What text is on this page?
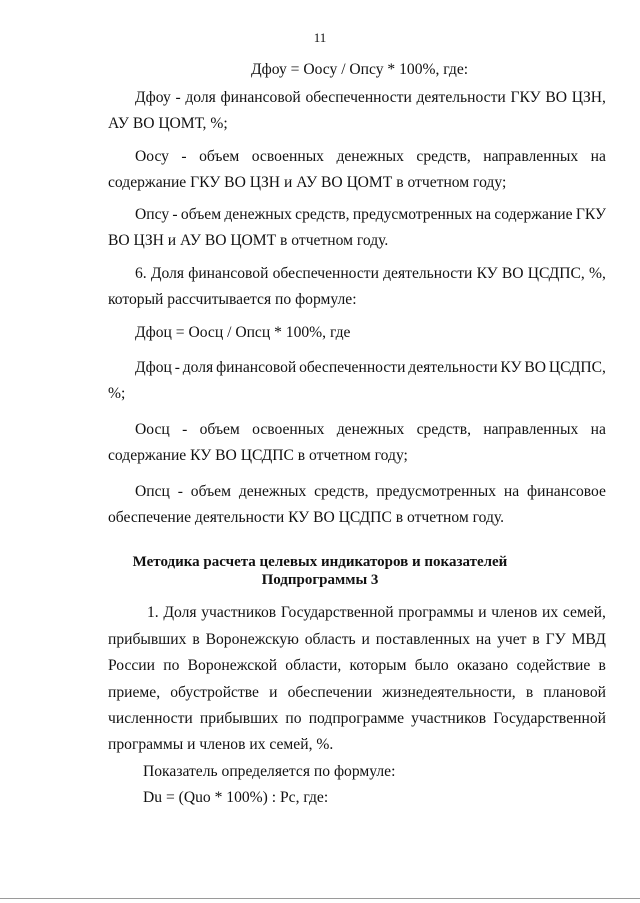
11
Дфоу = Оосу / Опсу * 100%, где:
Дфоу - доля финансовой обеспеченности деятельности ГКУ ВО ЦЗН,
АУ ВО ЦОМТ, %;
Оосу - объем освоенных денежных средств, направленных на
содержание ГКУ ВО ЦЗН и АУ ВО ЦОМТ в отчетном году;
Опсу - объем денежных средств, предусмотренных на содержание ГКУ
ВО ЦЗН и АУ ВО ЦОМТ в отчетном году.
6. Доля финансовой обеспеченности деятельности КУ ВО ЦСДПС, %,
который рассчитывается по формуле:
Дфоц = Оосц / Опсц * 100%, где
Дфоц - доля финансовой обеспеченности деятельности КУ ВО ЦСДПС,
%;
Оосц - объем освоенных денежных средств, направленных на
содержание КУ ВО ЦСДПС в отчетном году;
Опсц - объем денежных средств, предусмотренных на финансовое
обеспечение деятельности КУ ВО ЦСДПС в отчетном году.
Методика расчета целевых индикаторов и показателей
Подпрограммы 3
1. Доля участников Государственной программы и членов их семей,
прибывших в Воронежскую область и поставленных на учет в ГУ МВД
России по Воронежской области, которым было оказано содействие в
приеме, обустройстве и обеспечении жизнедеятельности, в плановой
численности прибывших по подпрограмме участников Государственной
программы и членов их семей, %.
Показатель определяется по формуле:
Du = (Quo * 100%) : Pc, где:
